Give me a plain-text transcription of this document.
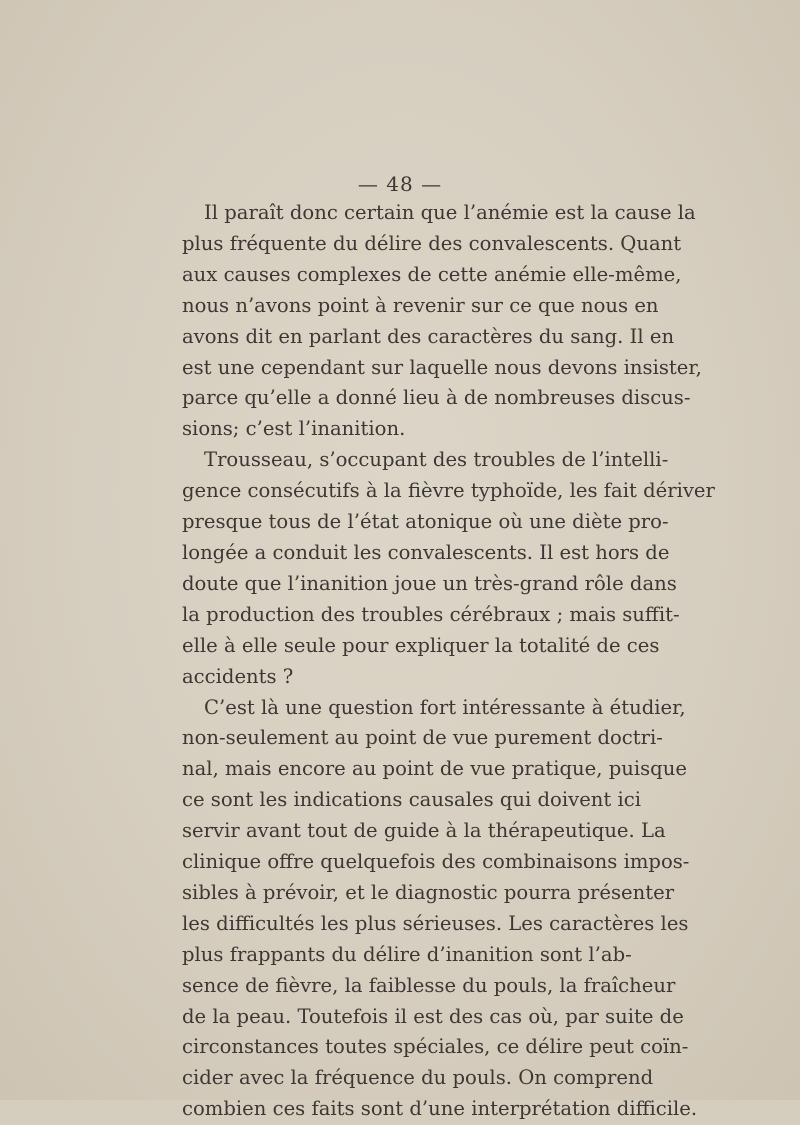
— 48 —
Il paraît donc certain que l’anémie est la cause la
plus fréquente du délire des convalescents. Quant
aux causes complexes de cette anémie elle-même,
nous n’avons point à revenir sur ce que nous en
avons dit en parlant des caractères du sang. Il en
est une cependant sur laquelle nous devons insister,
parce qu’elle a donné lieu à de nombreuses discus-
sions; c’est l’inanition.
Trousseau, s’occupant des troubles de l’intelli-
gence consécutifs à la fièvre typhoïde, les fait dériver
presque tous de l’état atonique où une diète pro-
longée a conduit les convalescents. Il est hors de
doute que l’inanition joue un très-grand rôle dans
la production des troubles cérébraux ; mais suffit-
elle à elle seule pour expliquer la totalité de ces
accidents ?
C’est là une question fort intéressante à étudier,
non-seulement au point de vue purement doctri-
nal, mais encore au point de vue pratique, puisque
ce sont les indications causales qui doivent ici
servir avant tout de guide à la thérapeutique. La
clinique offre quelquefois des combinaisons impos-
sibles à prévoir, et le diagnostic pourra présenter
les difficultés les plus sérieuses. Les caractères les
plus frappants du délire d’inanition sont l’ab-
sence de fièvre, la faiblesse du pouls, la fraîcheur
de la peau. Toutefois il est des cas où, par suite de
circonstances toutes spéciales, ce délire peut coïn-
cider avec la fréquence du pouls. On comprend
combien ces faits sont d’une interprétation difficile.
